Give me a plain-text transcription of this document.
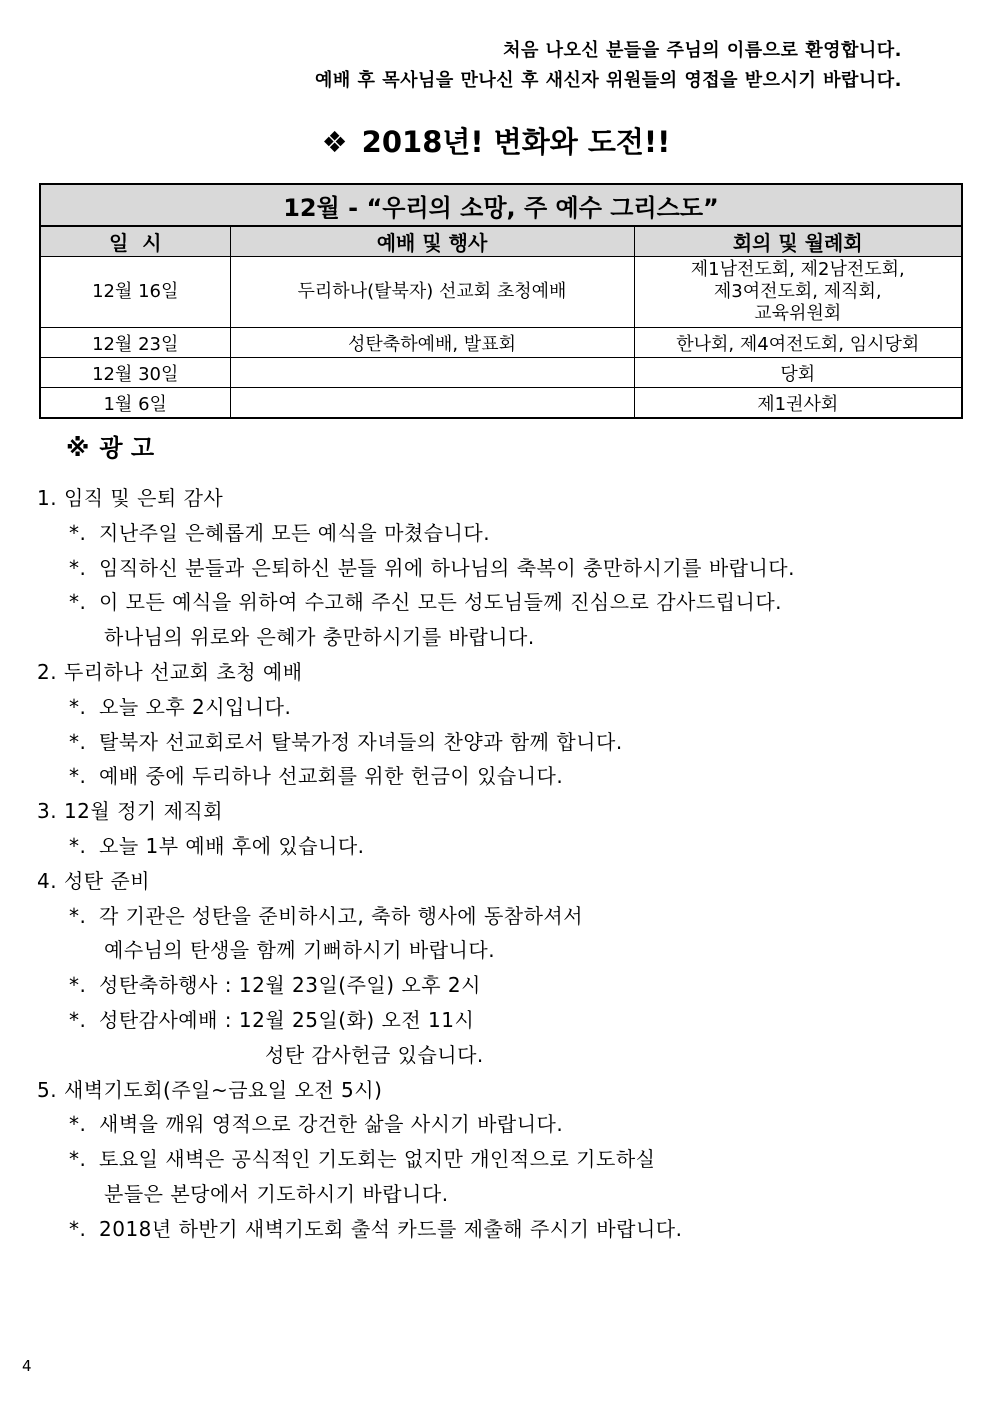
처음 나오신 분들을 주님의 이름으로 환영합니다.
예배 후 목사님을 만나신 후 새신자 위원들의 영접을 받으시기 바랍니다.
❖ 2018년! 변화와 도전!!
12월 - “우리의 소망, 주 예수 그리스도”		
일  시	예배 및 행사	회의 및 월례회
12월 16일	두리하나(탈북자) 선교회 초청예배	제1남전도회, 제2남전도회,
제3여전도회, 제직회,
교육위원회

12월 23일	성탄축하예배, 발표회	한나회, 제4여전도회, 임시당회
12월 30일		당회
1월 6일		제1권사회
※ 광 고
1. 임직 및 은퇴 감사
*. 지난주일 은혜롭게 모든 예식을 마쳤습니다.
*. 임직하신 분들과 은퇴하신 분들 위에 하나님의 축복이 충만하시기를 바랍니다.
*. 이 모든 예식을 위하여 수고해 주신 모든 성도님들께 진심으로 감사드립니다.
하나님의 위로와 은혜가 충만하시기를 바랍니다.
2. 두리하나 선교회 초청 예배
*. 오늘 오후 2시입니다.
*. 탈북자 선교회로서 탈북가정 자녀들의 찬양과 함께 합니다.
*. 예배 중에 두리하나 선교회를 위한 헌금이 있습니다.
3. 12월 정기 제직회
*. 오늘 1부 예배 후에 있습니다.
4. 성탄 준비
*. 각 기관은 성탄을 준비하시고, 축하 행사에 동참하셔서
예수님의 탄생을 함께 기뻐하시기 바랍니다.
*. 성탄축하행사 : 12월 23일(주일) 오후 2시
*. 성탄감사예배 : 12월 25일(화) 오전 11시
성탄 감사헌금 있습니다.
5. 새벽기도회(주일~금요일 오전 5시)
*. 새벽을 깨워 영적으로 강건한 삶을 사시기 바랍니다.
*. 토요일 새벽은 공식적인 기도회는 없지만 개인적으로 기도하실
분들은 본당에서 기도하시기 바랍니다.
*. 2018년 하반기 새벽기도회 출석 카드를 제출해 주시기 바랍니다.
4
